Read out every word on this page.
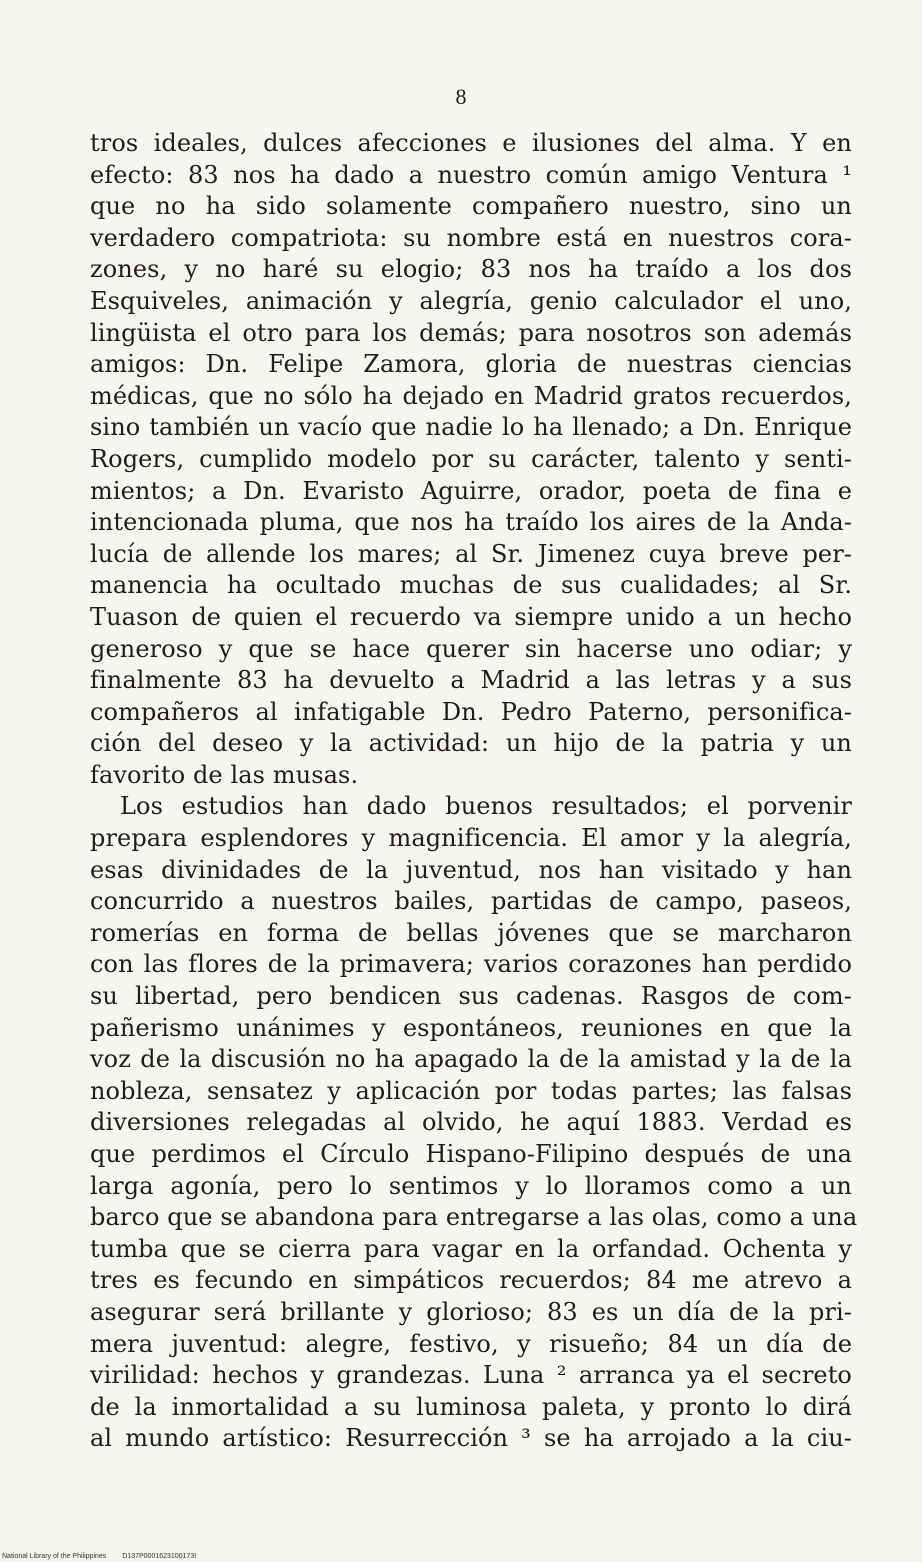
8
tros ideales, dulces afecciones e ilusiones del alma. Y en
efecto: 83 nos ha dado a nuestro común amigo Ventura ¹
que no ha sido solamente compañero nuestro, sino un
verdadero compatriota: su nombre está en nuestros cora-
zones, y no haré su elogio; 83 nos ha traído a los dos
Esquiveles, animación y alegría, genio calculador el uno,
lingüista el otro para los demás; para nosotros son además
amigos: Dn. Felipe Zamora, gloria de nuestras ciencias
médicas, que no sólo ha dejado en Madrid gratos recuerdos,
sino también un vacío que nadie lo ha llenado; a Dn. Enrique
Rogers, cumplido modelo por su carácter, talento y senti-
mientos; a Dn. Evaristo Aguirre, orador, poeta de fina e
intencionada pluma, que nos ha traído los aires de la Anda-
lucía de allende los mares; al Sr. Jimenez cuya breve per-
manencia ha ocultado muchas de sus cualidades; al Sr.
Tuason de quien el recuerdo va siempre unido a un hecho
generoso y que se hace querer sin hacerse uno odiar; y
finalmente 83 ha devuelto a Madrid a las letras y a sus
compañeros al infatigable Dn. Pedro Paterno, personifica-
ción del deseo y la actividad: un hijo de la patria y un
favorito de las musas.
Los estudios han dado buenos resultados; el porvenir
prepara esplendores y magnificencia. El amor y la alegría,
esas divinidades de la juventud, nos han visitado y han
concurrido a nuestros bailes, partidas de campo, paseos,
romerías en forma de bellas jóvenes que se marcharon
con las flores de la primavera; varios corazones han perdido
su libertad, pero bendicen sus cadenas. Rasgos de com-
pañerismo unánimes y espontáneos, reuniones en que la
voz de la discusión no ha apagado la de la amistad y la de la
nobleza, sensatez y aplicación por todas partes; las falsas
diversiones relegadas al olvido, he aquí 1883. Verdad es
que perdimos el Círculo Hispano-Filipino después de una
larga agonía, pero lo sentimos y lo lloramos como a un
barco que se abandona para entregarse a las olas, como a una
tumba que se cierra para vagar en la orfandad. Ochenta y
tres es fecundo en simpáticos recuerdos; 84 me atrevo a
asegurar será brillante y glorioso; 83 es un día de la pri-
mera juventud: alegre, festivo, y risueño; 84 un día de
virilidad: hechos y grandezas. Luna ² arranca ya el secreto
de la inmortalidad a su luminosa paleta, y pronto lo dirá
al mundo artístico: Resurrección ³ se ha arrojado a la ciu-
National Library of the Philippines D137P0001623100173I
